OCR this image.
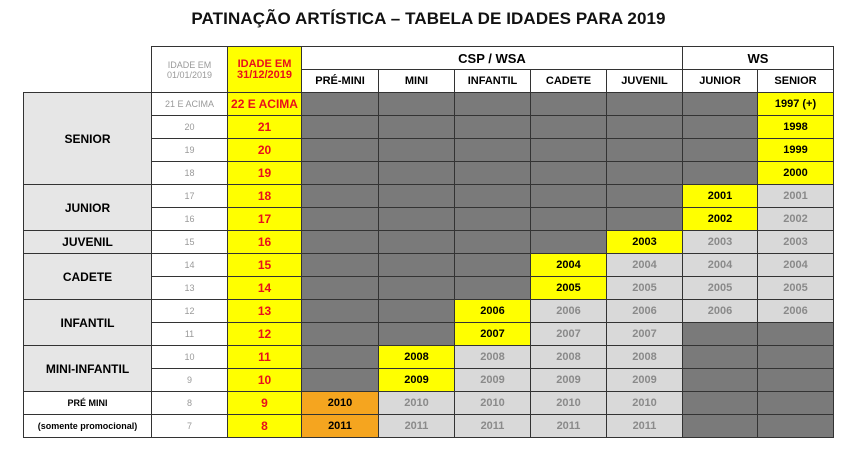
PATINAÇÃO ARTÍSTICA – TABELA DE IDADES PARA 2019
	IDADE EM 01/01/2019	IDADE EM 31/12/2019	CSP / WSA					WS	
			PRÉ-MINI	MINI	INFANTIL	CADETE	JUVENIL	JUNIOR	SENIOR
SENIOR	21 E ACIMA	22 E ACIMA							1997 (+)
	20	21							1998
	19	20							1999
	18	19							2000
JUNIOR	17	18						2001	2001
	16	17						2002	2002
JUVENIL	15	16					2003	2003	2003
CADETE	14	15				2004	2004	2004	2004
	13	14				2005	2005	2005	2005
INFANTIL	12	13			2006	2006	2006	2006	2006
	11	12			2007	2007	2007		
MINI-INFANTIL	10	11		2008	2008	2008	2008		
	9	10		2009	2009	2009	2009		
PRÉ MINI	8	9	2010	2010	2010	2010	2010		
(somente promocional)	7	8	2011	2011	2011	2011	2011		
